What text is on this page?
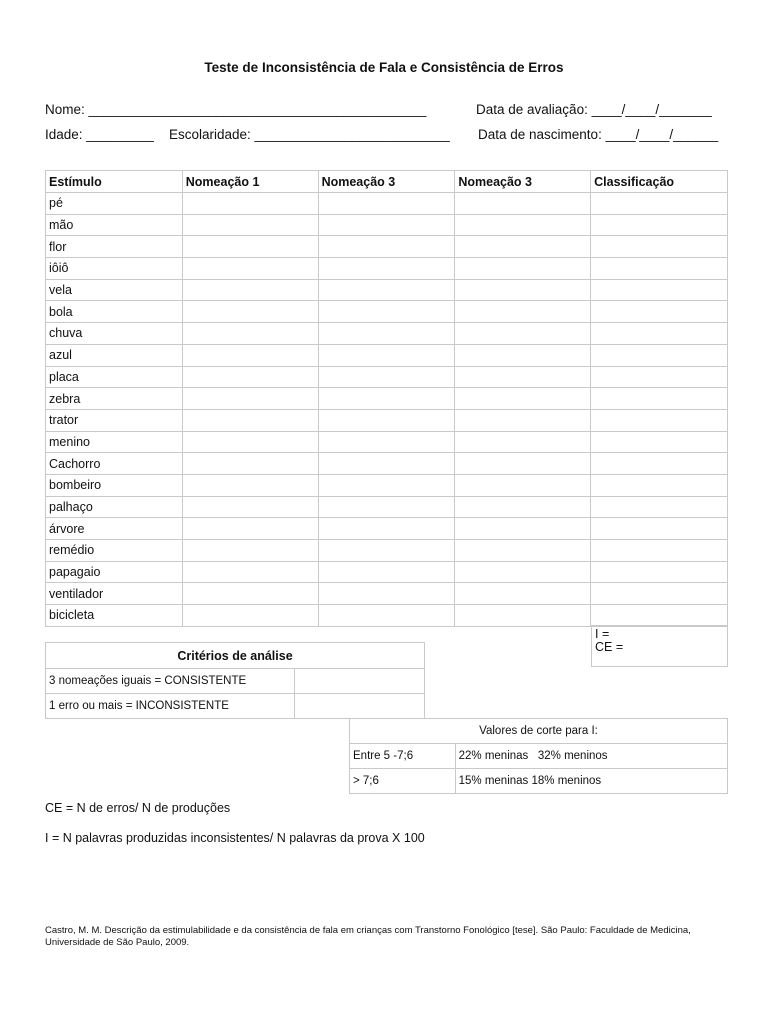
Teste de Inconsistência de Fala e Consistência de Erros
Nome: _____________________________________________	Data de avaliação: ____/____/_______
Idade: _________ Escolaridade: __________________________ Data de nascimento: ____/____/______
Estímulo	Nomeação 1	Nomeação 3	Nomeação 3	Classificação
pé				
mão				
flor				
iôiô				
vela				
bola				
chuva				
azul				
placa				
zebra				
trator				
menino				
Cachorro				
bombeiro				
palhaço				
árvore				
remédio				
papagaio				
ventilador				
bicicleta				
I =
CE =
Critérios de análise	
3 nomeações iguais = CONSISTENTE	
1 erro ou mais = INCONSISTENTE	
Valores de corte para I:	
Entre 5 -7;6	22% meninas   32% meninos
> 7;6	15% meninas 18% meninos
CE = N de erros/ N de produções
I = N palavras produzidas inconsistentes/ N palavras da prova X 100
Castro, M. M. Descrição da estimulabilidade e da consistência de fala em crianças com Transtorno Fonológico [tese]. São Paulo: Faculdade de Medicina, Universidade de São Paulo, 2009.
